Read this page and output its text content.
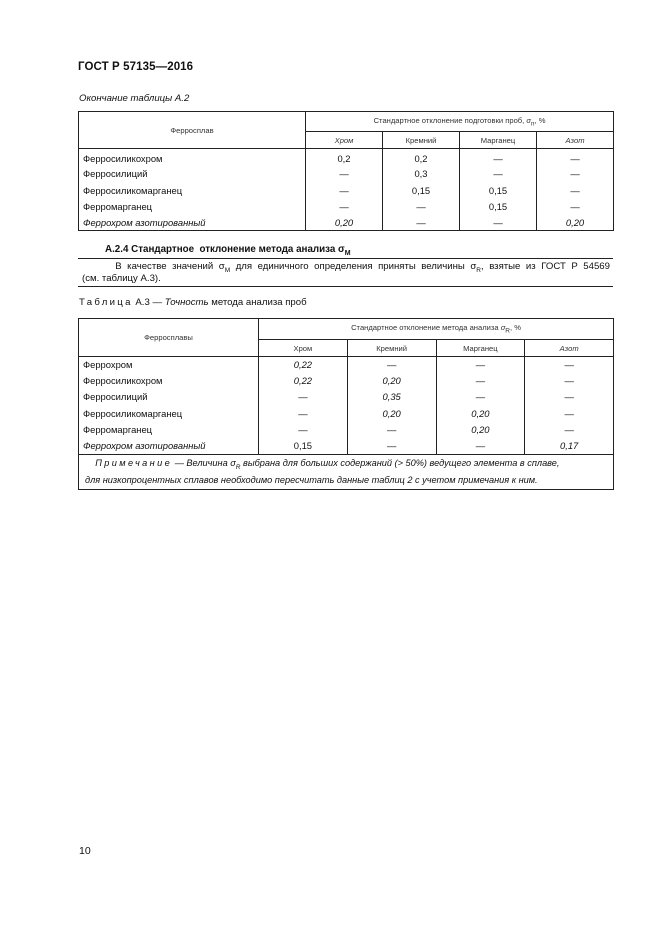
ГОСТ Р 57135—2016
Окончание таблицы А.2
Ферросплав	Стандартное отклонение подготовки проб, $\sigma_п$, %			
	Хром	Кремний	Марганец	Азот
Ферросиликохром	0,2	0,2	—	—
Ферросилиций	—	0,3	—	—
Ферросиликомарганец	—	0,15	0,15	—
Ферромарганец	—	—	0,15	—
Феррохром азотированный	0,20	—	—	0,20
А.2.4 Стандартное  отклонение метода анализа $\sigma_M$
В качестве значений $\sigma_M$ для единичного определения приняты величины $\sigma_R$, взятые из ГОСТ Р 54569
(см. таблицу А.3).
Таблица А.3 — Точность метода анализа проб
Ферросплавы	Стандартное отклонение метода анализа $\sigma_R$, %			
	Хром	Кремний	Марганец	Азот
Феррохром	0,22	—	—	—
Ферросиликохром	0,22	0,20	—	—
Ферросилиций	—	0,35	—	—
Ферросиликомарганец	—	0,20	0,20	—
Ферромарганец	—	—	0,20	—
Феррохром азотированный	0,15	—	—	0,17
Примечание — Величина $\sigma_R$ выбрана для больших содержаний (> 50%) ведущего элемента в сплаве,
для низкопроцентных сплавов необходимо пересчитать данные таблиц 2 с учетом примечания к ним.				
10
